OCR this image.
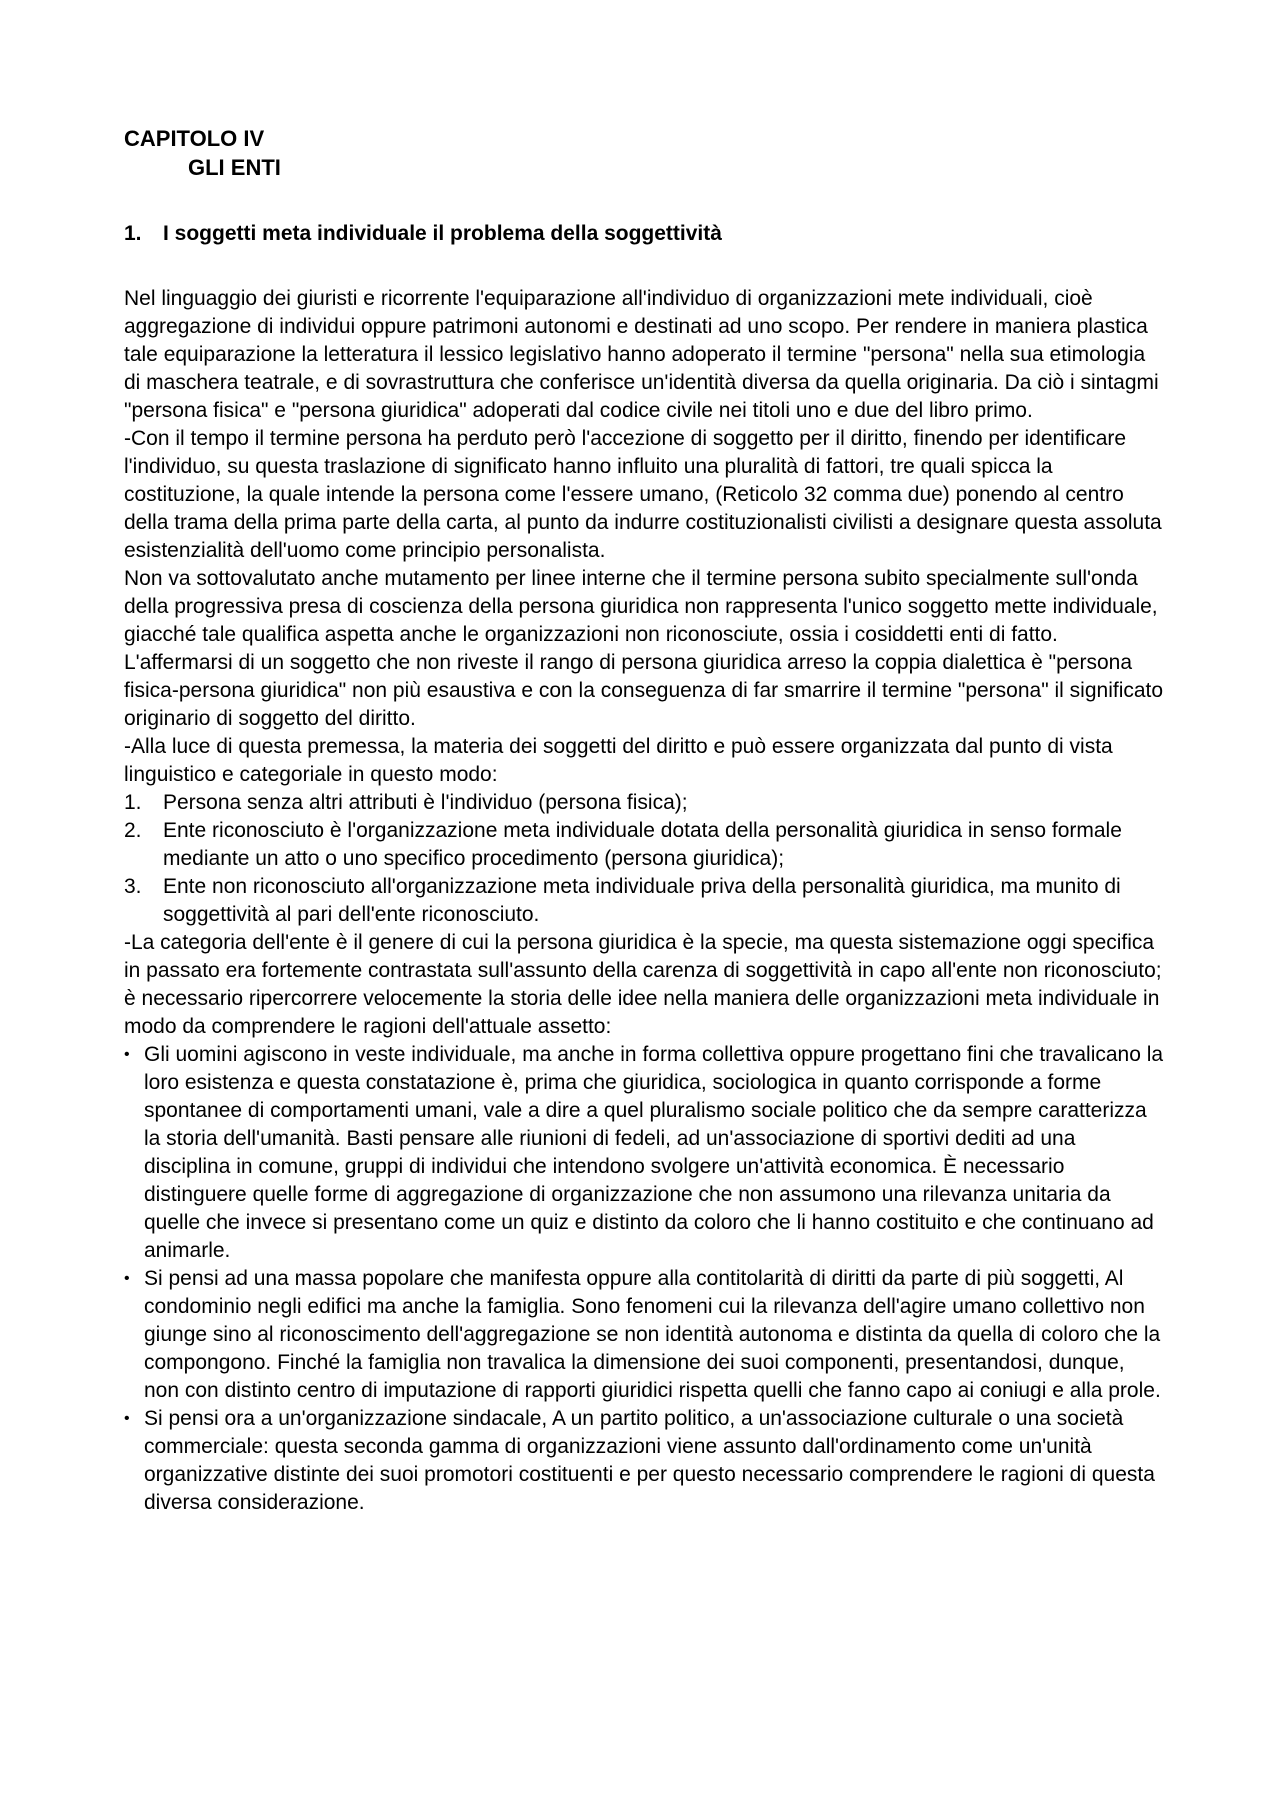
CAPITOLO IV
GLI ENTI
1.	I soggetti meta individuale il problema della soggettività

Nel linguaggio dei giuristi e ricorrente l'equiparazione all'individuo di organizzazioni mete individuali, cioè aggregazione di individui oppure patrimoni autonomi e destinati ad uno scopo. Per rendere in maniera plastica tale equiparazione la letteratura il lessico legislativo hanno adoperato il termine "persona" nella sua etimologia di maschera teatrale, e di sovrastruttura che conferisce un'identità diversa da quella originaria. Da ciò i sintagmi "persona fisica" e "persona giuridica" adoperati dal codice civile nei titoli uno e due del libro primo.

-Con il tempo il termine persona ha perduto però l'accezione di soggetto per il diritto, finendo per identificare l'individuo, su questa traslazione di significato hanno influito una pluralità di fattori, tre quali spicca la costituzione, la quale intende la persona come l'essere umano, (Reticolo 32 comma due) ponendo al centro della trama della prima parte della carta, al punto da indurre costituzionalisti civilisti a designare questa assoluta esistenzialità dell'uomo come principio personalista.

Non va sottovalutato anche mutamento per linee interne che il termine persona subito specialmente sull'onda della progressiva presa di coscienza della persona giuridica non rappresenta l'unico soggetto mette individuale, giacché tale qualifica aspetta anche le organizzazioni non riconosciute, ossia i cosiddetti enti di fatto. L'affermarsi di un soggetto che non riveste il rango di persona giuridica arreso la coppia dialettica è "persona fisica-persona giuridica" non più esaustiva e con la conseguenza di far smarrire il termine "persona" il significato originario di soggetto del diritto.

-Alla luce di questa premessa, la materia dei soggetti del diritto e può essere organizzata dal punto di vista linguistico e categoriale in questo modo:

1.	Persona senza altri attributi è l'individuo (persona fisica);
2.	Ente riconosciuto è l'organizzazione meta individuale dotata della personalità giuridica in senso formale mediante un atto o uno specifico procedimento (persona giuridica);
3.	Ente non riconosciuto all'organizzazione meta individuale priva della personalità giuridica, ma munito di soggettività al pari dell'ente riconosciuto.

-La categoria dell'ente è il genere di cui la persona giuridica è la specie, ma questa sistemazione oggi specifica in passato era fortemente contrastata sull'assunto della carenza di soggettività in capo all'ente non riconosciuto; è necessario ripercorrere velocemente la storia delle idee nella maniera delle organizzazioni meta individuale in modo da comprendere le ragioni dell'attuale assetto:

• Gli uomini agiscono in veste individuale, ma anche in forma collettiva oppure progettano fini che travalicano la loro esistenza e questa constatazione è, prima che giuridica, sociologica in quanto corrisponde a forme spontanee di comportamenti umani, vale a dire a quel pluralismo sociale politico che da sempre caratterizza la storia dell'umanità. Basti pensare alle riunioni di fedeli, ad un'associazione di sportivi dediti ad una disciplina in comune, gruppi di individui che intendono svolgere un'attività economica. È necessario distinguere quelle forme di aggregazione di organizzazione che non assumono una rilevanza unitaria da quelle che invece si presentano come un quiz e distinto da coloro che li hanno costituito e che continuano ad animarle.
• Si pensi ad una massa popolare che manifesta oppure alla contitolarità di diritti da parte di più soggetti, Al condominio negli edifici ma anche la famiglia. Sono fenomeni cui la rilevanza dell'agire umano collettivo non giunge sino al riconoscimento dell'aggregazione se non identità autonoma e distinta da quella di coloro che la compongono. Finché la famiglia non travalica la dimensione dei suoi componenti, presentandosi, dunque, non con distinto centro di imputazione di rapporti giuridici rispetta quelli che fanno capo ai coniugi e alla prole.
• Si pensi ora a un'organizzazione sindacale, A un partito politico, a un'associazione culturale o una società commerciale: questa seconda gamma di organizzazioni viene assunto dall'ordinamento come un'unità organizzative distinte dei suoi promotori costituenti e per questo necessario comprendere le ragioni di questa diversa considerazione.
